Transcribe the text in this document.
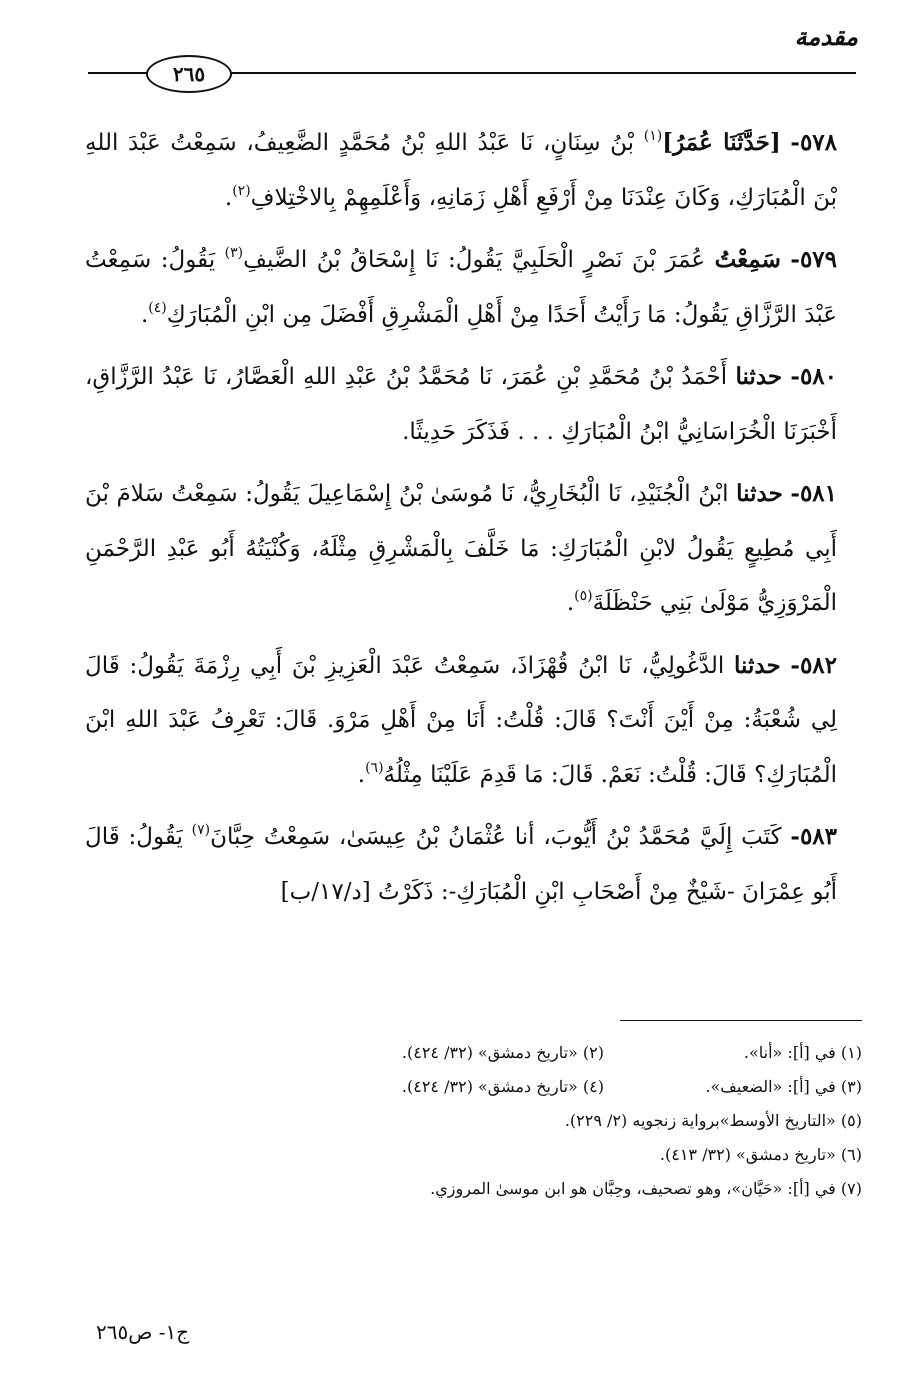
مقدمة
٢٦٥

٥٧٨- [حَدَّثَنَا عُمَرُ]$^{(١)}$ بْنُ سِنَانٍ، نَا عَبْدُ اللهِ بْنُ مُحَمَّدٍ الضَّعِيفُ، سَمِعْتُ عَبْدَ اللهِ بْنَ الْمُبَارَكِ، وَكَانَ عِنْدَنَا مِنْ أَرْفَعِ أَهْلِ زَمَانِهِ، وَأَعْلَمِهِمْ بِالاخْتِلافِ$^{(٢)}$.

٥٧٩- سَمِعْتُ عُمَرَ بْنَ نَصْرٍ الْحَلَبِيَّ يَقُولُ: نَا إِسْحَاقُ بْنُ الضَّيفِ$^{(٣)}$ يَقُولُ: سَمِعْتُ عَبْدَ الرَّزَّاقِ يَقُولُ: مَا رَأَيْتُ أَحَدًا مِنْ أَهْلِ الْمَشْرِقِ أَفْضَلَ مِن ابْنِ الْمُبَارَكِ$^{(٤)}$.

٥٨٠- حدثنا أَحْمَدُ بْنُ مُحَمَّدِ بْنِ عُمَرَ، نَا مُحَمَّدُ بْنُ عَبْدِ اللهِ الْعَصَّارُ، نَا عَبْدُ الرَّزَّاقِ، أَخْبَرَنَا الْخُرَاسَانِيُّ ابْنُ الْمُبَارَكِ . . . فَذَكَرَ حَدِيثًا.

٥٨١- حدثنا ابْنُ الْجُنَيْدِ، نَا الْبُخَارِيُّ، نَا مُوسَىٰ بْنُ إِسْمَاعِيلَ يَقُولُ: سَمِعْتُ سَلامَ بْنَ أَبِي مُطِيعٍ يَقُولُ لابْنِ الْمُبَارَكِ: مَا خَلَّفَ بِالْمَشْرِقِ مِثْلَهُ، وَكُنْيَتُهُ أَبُو عَبْدِ الرَّحْمَنِ الْمَرْوَزِيُّ مَوْلَىٰ بَنِي حَنْظَلَةَ$^{(٥)}$.

٥٨٢- حدثنا الدَّغُولِيُّ، نَا ابْنُ قُهْزَاذَ، سَمِعْتُ عَبْدَ الْعَزِيزِ بْنَ أَبِي رِزْمَةَ يَقُولُ: قَالَ لِي شُعْبَةُ: مِنْ أَيْنَ أَنْتَ؟ قَالَ: قُلْتُ: أَنَا مِنْ أَهْلِ مَرْوَ. قَالَ: تَعْرِفُ عَبْدَ اللهِ ابْنَ الْمُبَارَكِ؟ قَالَ: قُلْتُ: نَعَمْ. قَالَ: مَا قَدِمَ عَلَيْنَا مِثْلُهُ$^{(٦)}$.

٥٨٣- كَتَبَ إِلَيَّ مُحَمَّدُ بْنُ أَيُّوبَ، أنا عُثْمَانُ بْنُ عِيسَىٰ، سَمِعْتُ حِبَّانَ$^{(٧)}$ يَقُولُ: قَالَ أَبُو عِمْرَانَ -شَيْخٌ مِنْ أَصْحَابِ ابْنِ الْمُبَارَكِ-: ذَكَرْتُ [د/١٧/ب]

(١) في [أ]: «أنا».
(٢) «تاريخ دمشق» (٣٢/ ٤٢٤).
(٣) في [أ]: «الضعيف».
(٤) «تاريخ دمشق» (٣٢/ ٤٢٤).
(٥) «التاريخ الأوسط»برواية زنجويه (٢/ ٢٢٩).
(٦) «تاريخ دمشق» (٣٢/ ٤١٣).
(٧) في [أ]: «حَيَّان»، وهو تصحيف، وحِبَّان هو ابن موسىٰ المروزي.
ج١- ص٢٦٥
